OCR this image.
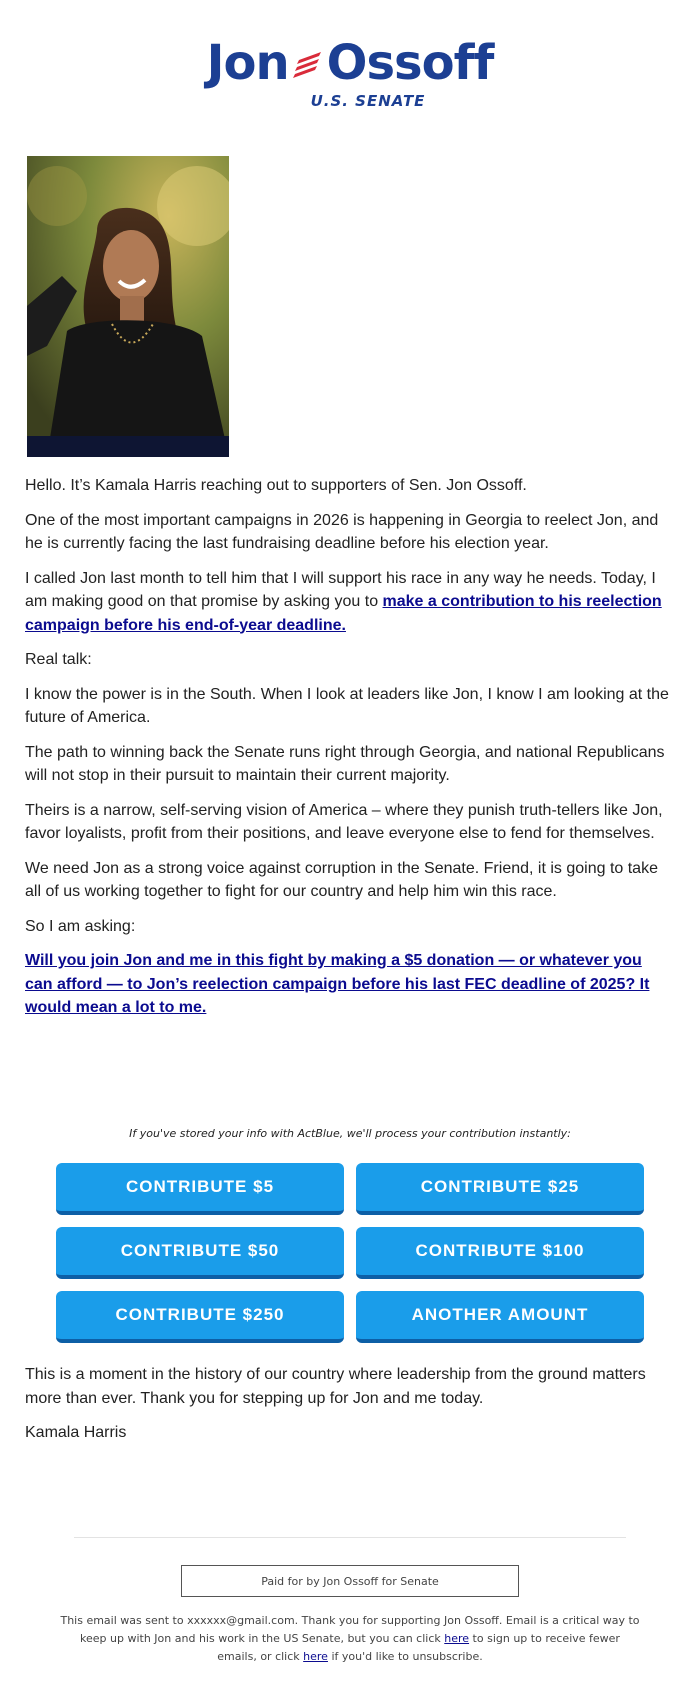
Jon Ossoff
U.S. SENATE

Hello. It’s Kamala Harris reaching out to supporters of Sen. Jon Ossoff.

One of the most important campaigns in 2026 is happening in Georgia to reelect Jon, and he is currently facing the last fundraising deadline before his election year.

I called Jon last month to tell him that I will support his race in any way he needs. Today, I am making good on that promise by asking you to make a contribution to his reelection campaign before his end-of-year deadline.

Real talk:

I know the power is in the South. When I look at leaders like Jon, I know I am looking at the future of America.

The path to winning back the Senate runs right through Georgia, and national Republicans will not stop in their pursuit to maintain their current majority.

Theirs is a narrow, self-serving vision of America – where they punish truth-tellers like Jon, favor loyalists, profit from their positions, and leave everyone else to fend for themselves.

We need Jon as a strong voice against corruption in the Senate. Friend, it is going to take all of us working together to fight for our country and help him win this race.

So I am asking:

Will you join Jon and me in this fight by making a $5 donation — or whatever you can afford — to Jon’s reelection campaign before his last FEC deadline of 2025? It would mean a lot to me.

If you've stored your info with ActBlue, we'll process your contribution instantly:
CONTRIBUTE $5	CONTRIBUTE $25
CONTRIBUTE $50	CONTRIBUTE $100
CONTRIBUTE $250	ANOTHER AMOUNT

This is a moment in the history of our country where leadership from the ground matters more than ever. Thank you for stepping up for Jon and me today.

Kamala Harris

Paid for by Jon Ossoff for Senate
This email was sent to xxxxxx@gmail.com. Thank you for supporting Jon Ossoff. Email is a critical way to keep up with Jon and his work in the US Senate, but you can click here to sign up to receive fewer emails, or click here if you'd like to unsubscribe.
